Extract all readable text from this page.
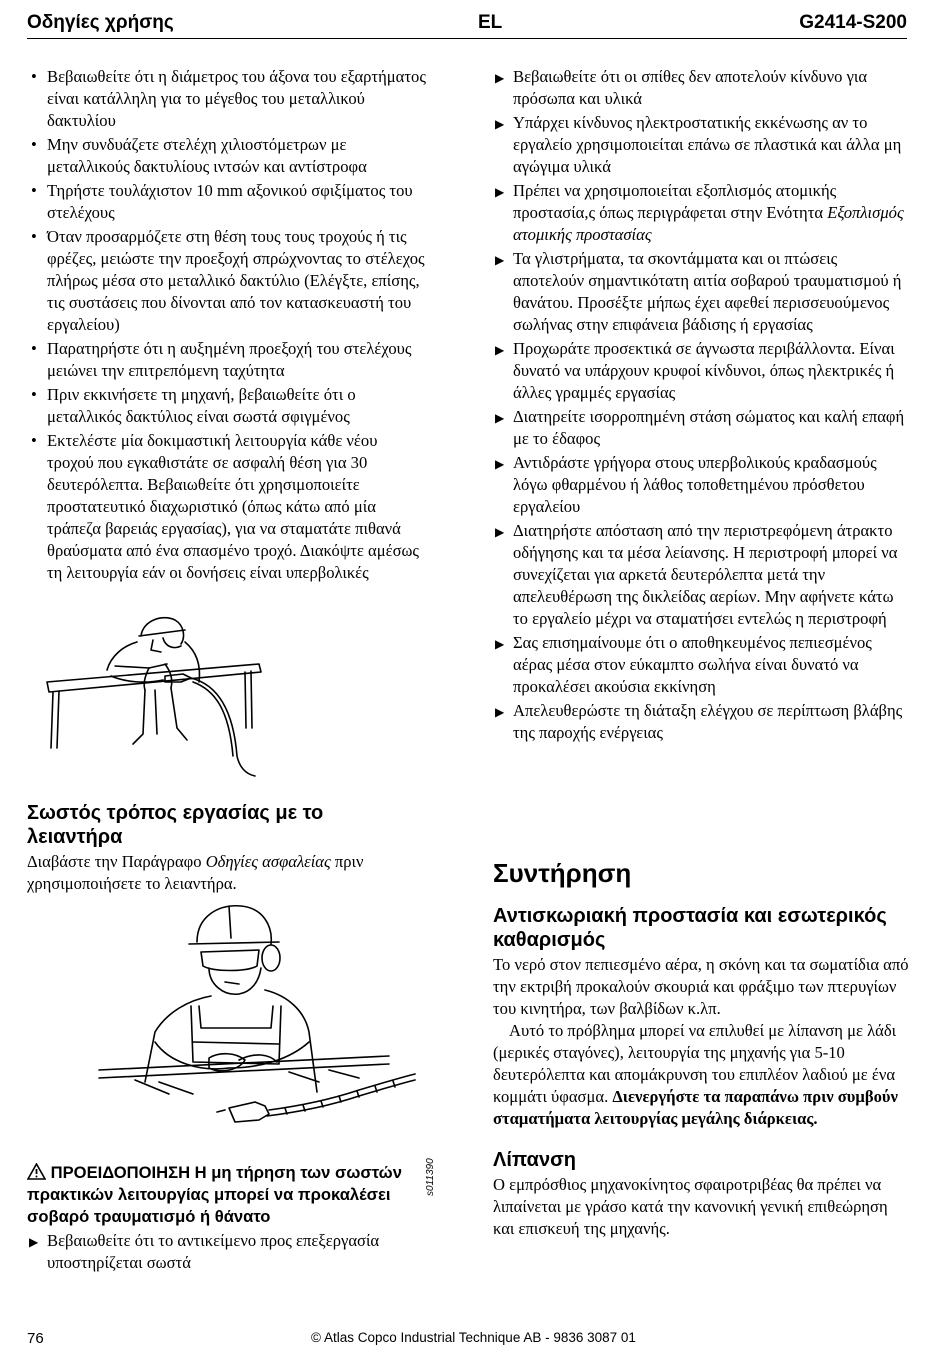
Οδηγίες χρήσης	EL	G2414-S200
• Βεβαιωθείτε ότι η διάμετρος του άξονα του εξαρτήματος είναι κατάλληλη για το μέγεθος του μεταλλικού δακτυλίου
• Μην συνδυάζετε στελέχη χιλιοστόμετρων με μεταλλικούς δακτυλίους ιντσών και αντίστροφα
• Τηρήστε τουλάχιστον 10 mm αξονικού σφιξίματος του στελέχους
• Όταν προσαρμόζετε στη θέση τους τους τροχούς ή τις φρέζες, μειώστε την προεξοχή σπρώχνοντας το στέλεχος πλήρως μέσα στο μεταλλικό δακτύλιο (Ελέγξτε, επίσης, τις συστάσεις που δίνονται από τον κατασκευαστή του εργαλείου)
• Παρατηρήστε ότι η αυξημένη προεξοχή του στελέχους μειώνει την επιτρεπόμενη ταχύτητα
• Πριν εκκινήσετε τη μηχανή, βεβαιωθείτε ότι ο μεταλλικός δακτύλιος είναι σωστά σφιγμένος
• Εκτελέστε μία δοκιμαστική λειτουργία κάθε νέου τροχού που εγκαθιστάτε σε ασφαλή θέση για 30 δευτερόλεπτα. Βεβαιωθείτε ότι χρησιμοποιείτε προστατευτικό διαχωριστικό (όπως κάτω από μία τράπεζα βαρειάς εργασίας), για να σταματάτε πιθανά θραύσματα από ένα σπασμένο τροχό. Διακόψτε αμέσως τη λειτουργία εάν οι δονήσεις είναι υπερβολικές
Σωστός τρόπος εργασίας με το
λειαντήρα

Διαβάστε την Παράγραφο Οδηγίες ασφαλείας πριν χρησιμοποιήσετε το λειαντήρα.

s011390
ΠΡΟΕΙΔΟΠΟΙΗΣΗ Η μη τήρηση των σωστών πρακτικών λειτουργίας μπορεί να προκαλέσει σοβαρό τραυματισμό ή θάνατο
▶ Βεβαιωθείτε ότι το αντικείμενο προς επεξεργασία υποστηρίζεται σωστά
▶ Βεβαιωθείτε ότι οι σπίθες δεν αποτελούν κίνδυνο για πρόσωπα και υλικά
▶ Υπάρχει κίνδυνος ηλεκτροστατικής εκκένωσης αν το εργαλείο χρησιμοποιείται επάνω σε πλαστικά και άλλα μη αγώγιμα υλικά
▶ Πρέπει να χρησιμοποιείται εξοπλισμός ατομικής προστασία,ς όπως περιγράφεται στην Ενότητα Εξοπλισμός ατομικής προστασίας
▶ Τα γλιστρήματα, τα σκοντάμματα και οι πτώσεις αποτελούν σημαντικότατη αιτία σοβαρού τραυματισμού ή θανάτου. Προσέξτε μήπως έχει αφεθεί περισσευούμενος σωλήνας στην επιφάνεια βάδισης ή εργασίας
▶ Προχωράτε προσεκτικά σε άγνωστα περιβάλλοντα. Είναι δυνατό να υπάρχουν κρυφοί κίνδυνοι, όπως ηλεκτρικές ή άλλες γραμμές εργασίας
▶ Διατηρείτε ισορροπημένη στάση σώματος και καλή επαφή με το έδαφος
▶ Αντιδράστε γρήγορα στους υπερβολικούς κραδασμούς λόγω φθαρμένου ή λάθος τοποθετημένου πρόσθετου εργαλείου
▶ Διατηρήστε απόσταση από την περιστρεφόμενη άτρακτο οδήγησης και τα μέσα λείανσης. Η περιστροφή μπορεί να συνεχίζεται για αρκετά δευτερόλεπτα μετά την απελευθέρωση της δικλείδας αερίων. Μην αφήνετε κάτω το εργαλείο μέχρι να σταματήσει εντελώς η περιστροφή
▶ Σας επισημαίνουμε ότι ο αποθηκευμένος πεπιεσμένος αέρας μέσα στον εύκαμπτο σωλήνα είναι δυνατό να προκαλέσει ακούσια εκκίνηση
▶ Απελευθερώστε τη διάταξη ελέγχου σε περίπτωση βλάβης της παροχής ενέργειας
Συντήρηση
Αντισκωριακή προστασία και εσωτερικός
καθαρισμός

Το νερό στον πεπιεσμένο αέρα, η σκόνη και τα σωματίδια από την εκτριβή προκαλούν σκουριά και φράξιμο των πτερυγίων του κινητήρα, των βαλβίδων κ.λπ.

Αυτό το πρόβλημα μπορεί να επιλυθεί με λίπανση με λάδι (μερικές σταγόνες), λειτουργία της μηχανής για 5-10 δευτερόλεπτα και απομάκρυνση του επιπλέον λαδιού με ένα κομμάτι ύφασμα. Διενεργήστε τα παραπάνω πριν συμβούν σταματήματα λειτουργίας μεγάλης διάρκειας.

Λίπανση

Ο εμπρόσθιος μηχανοκίνητος σφαιροτριβέας θα πρέπει να λιπαίνεται με γράσο κατά την κανονική γενική επιθεώρηση και επισκευή της μηχανής.

76	© Atlas Copco Industrial Technique AB - 9836 3087 01
